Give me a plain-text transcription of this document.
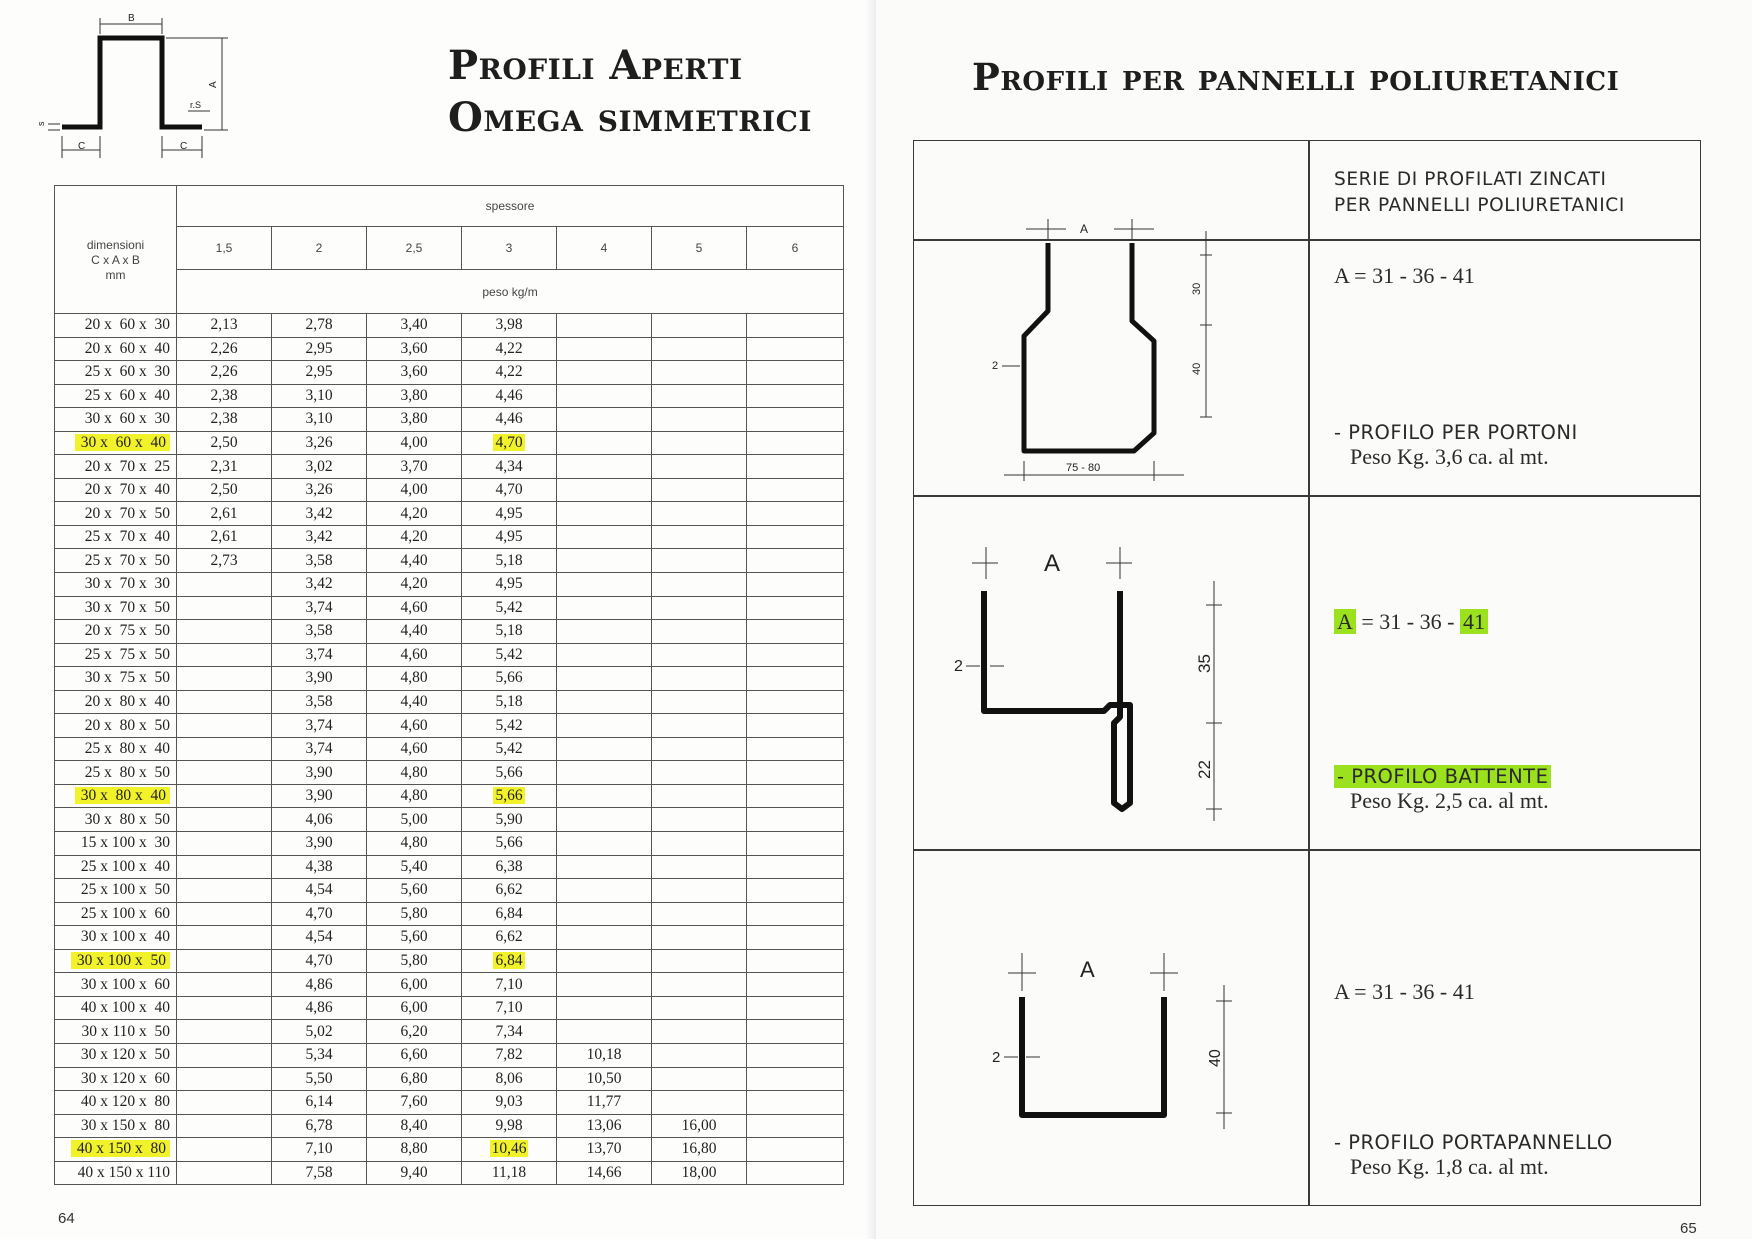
B
A
r.S
s
C	C
Profili Aperti
Omega simmetrici
dimensioni
C x A x B
mm	spessore						
	1,5	2	2,5	3	4	5	6
	peso kg/m						
20 x  60 x  30	2,13	2,78	3,40	3,98			
20 x  60 x  40	2,26	2,95	3,60	4,22			
25 x  60 x  30	2,26	2,95	3,60	4,22			
25 x  60 x  40	2,38	3,10	3,80	4,46			
30 x  60 x  30	2,38	3,10	3,80	4,46			
30 x  60 x  40	2,50	3,26	4,00	4,70			
20 x  70 x  25	2,31	3,02	3,70	4,34			
20 x  70 x  40	2,50	3,26	4,00	4,70			
20 x  70 x  50	2,61	3,42	4,20	4,95			
25 x  70 x  40	2,61	3,42	4,20	4,95			
25 x  70 x  50	2,73	3,58	4,40	5,18			
30 x  70 x  30		3,42	4,20	4,95			
30 x  70 x  50		3,74	4,60	5,42			
20 x  75 x  50		3,58	4,40	5,18			
25 x  75 x  50		3,74	4,60	5,42			
30 x  75 x  50		3,90	4,80	5,66			
20 x  80 x  40		3,58	4,40	5,18			
20 x  80 x  50		3,74	4,60	5,42			
25 x  80 x  40		3,74	4,60	5,42			
25 x  80 x  50		3,90	4,80	5,66			
30 x  80 x  40		3,90	4,80	5,66			
30 x  80 x  50		4,06	5,00	5,90			
15 x 100 x  30		3,90	4,80	5,66			
25 x 100 x  40		4,38	5,40	6,38			
25 x 100 x  50		4,54	5,60	6,62			
25 x 100 x  60		4,70	5,80	6,84			
30 x 100 x  40		4,54	5,60	6,62			
30 x 100 x  50		4,70	5,80	6,84			
30 x 100 x  60		4,86	6,00	7,10			
40 x 100 x  40		4,86	6,00	7,10			
30 x 110 x  50		5,02	6,20	7,34			
30 x 120 x  50		5,34	6,60	7,82	10,18		
30 x 120 x  60		5,50	6,80	8,06	10,50		
40 x 120 x  80		6,14	7,60	9,03	11,77		
30 x 150 x  80		6,78	8,40	9,98	13,06	16,00	
40 x 150 x  80		7,10	8,80	10,46	13,70	16,80	
40 x 150 x 110		7,58	9,40	11,18	14,66	18,00	
64
Profili per pannelli poliuretanici
SERIE DI PROFILATI ZINCATI
PER PANNELLI POLIURETANICI
A = 31 - 36 - 41
- PROFILO PER PORTONI
Peso Kg. 3,6 ca. al mt.
A = 31 - 36 - 41
- PROFILO BATTENTE
Peso Kg. 2,5 ca. al mt.
A = 31 - 36 - 41
- PROFILO PORTAPANNELLO
Peso Kg. 1,8 ca. al mt.
A
30
40
2
75 - 80
A
35
22
2
A
40
2
65
